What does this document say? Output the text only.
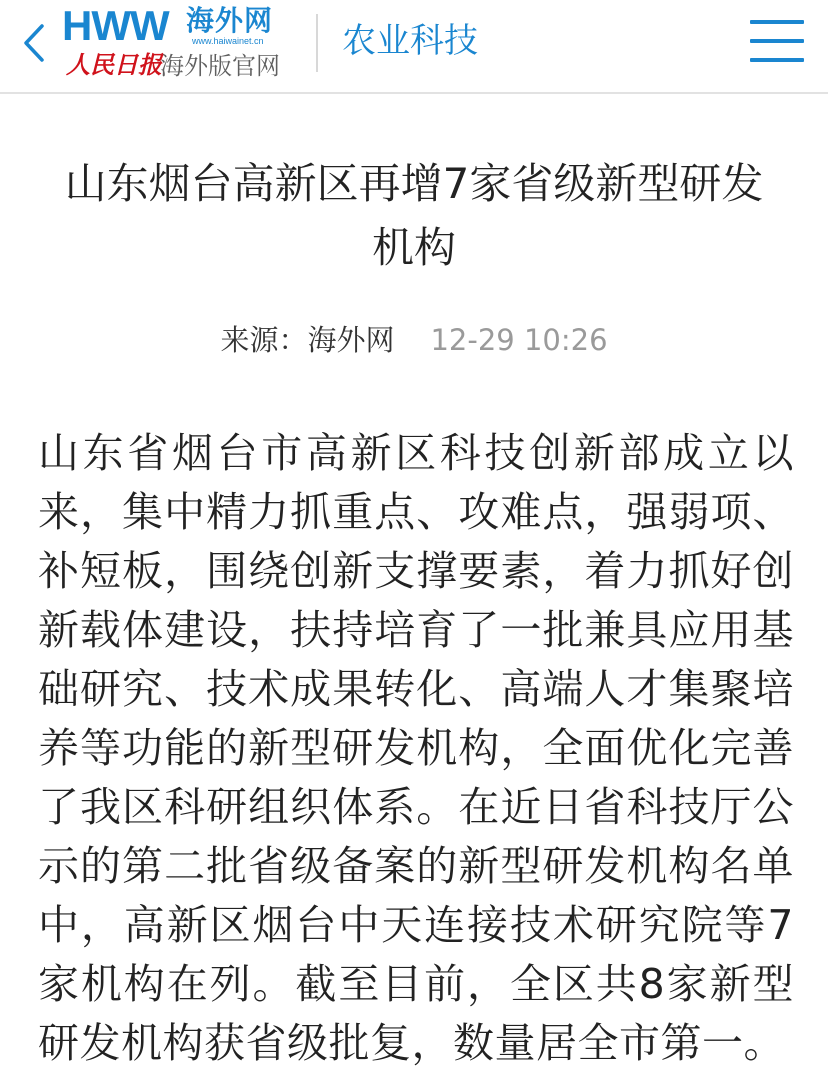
HWW 海外网
www.haiwainet.cn
人民日报
海外版官网
农业科技
山东烟台高新区再增7家省级新型研发机构
来源：海外网 12-29 10:26
山东省烟台市高新区科技创新部成立以来，集中精力抓重点、攻难点，强弱项、补短板，围绕创新支撑要素，着力抓好创新载体建设，扶持培育了一批兼具应用基础研究、技术成果转化、高端人才集聚培养等功能的新型研发机构，全面优化完善了我区科研组织体系。在近日省科技厅公示的第二批省级备案的新型研发机构名单中，高新区烟台中天连接技术研究院等7家机构在列。截至目前，全区共8家新型研发机构获省级批复，数量居全市第一。
